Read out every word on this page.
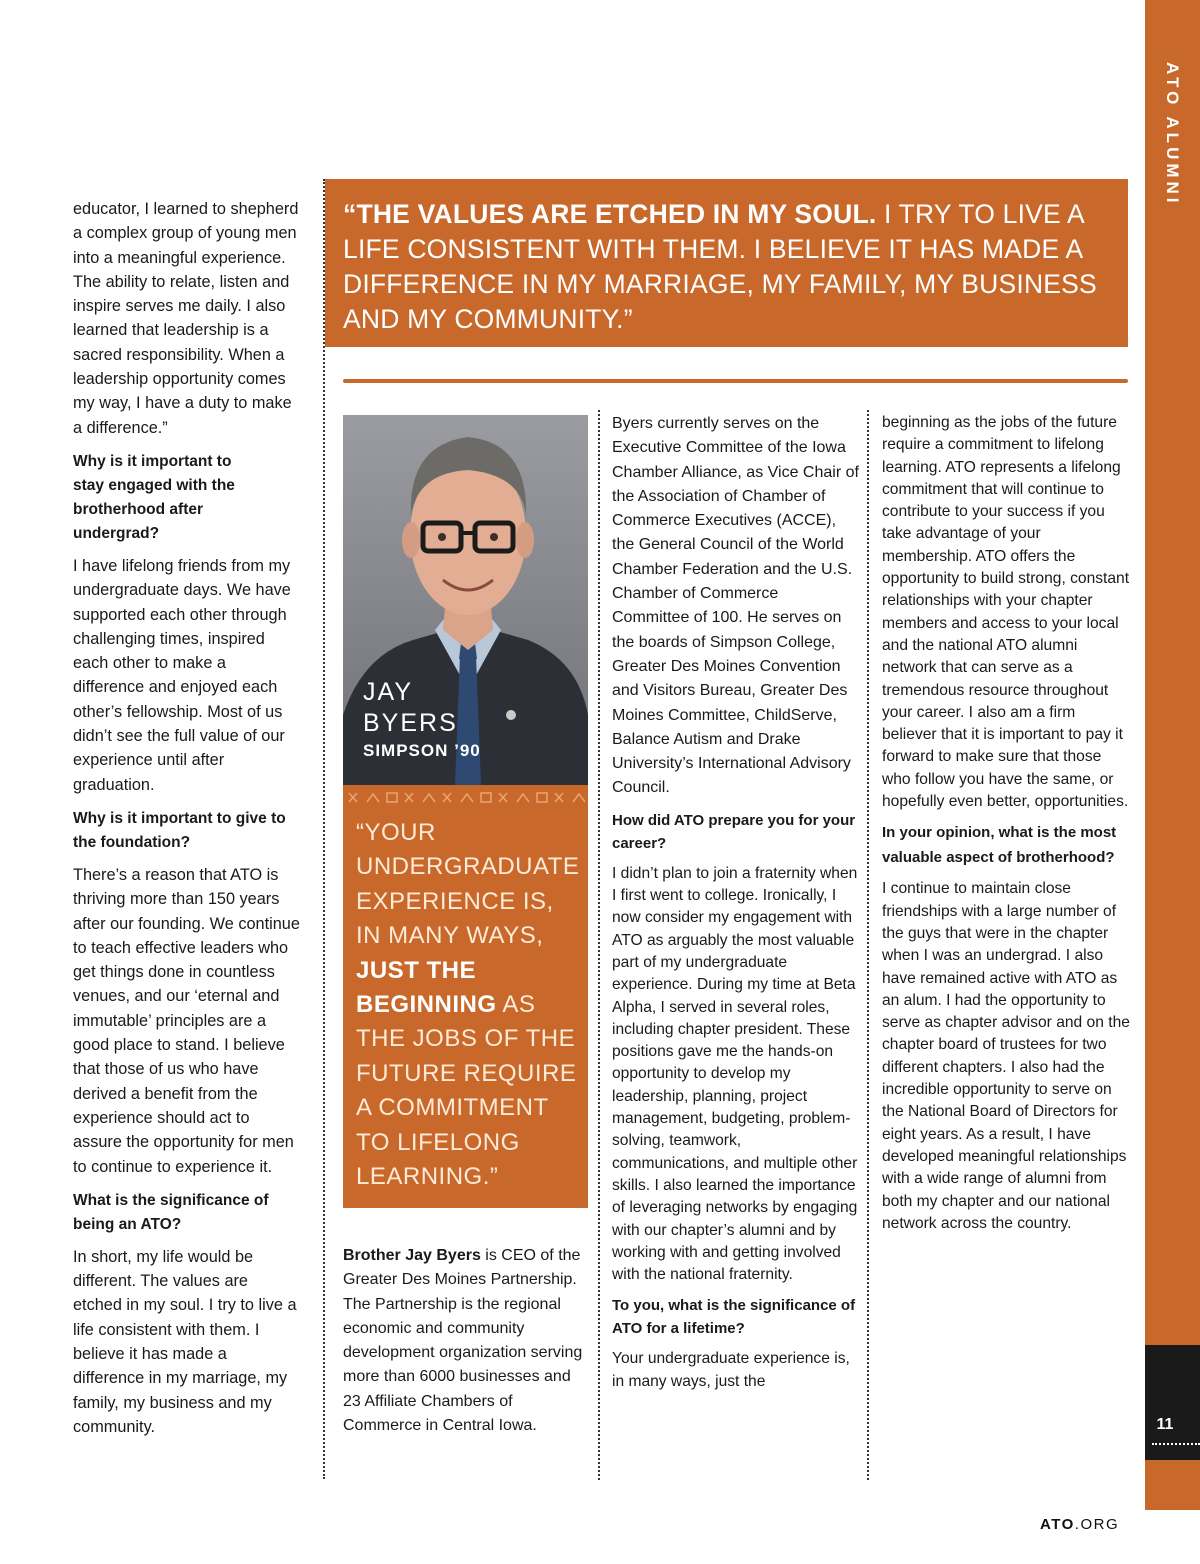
ATO ALUMNI
11

educator, I learned to shepherd a complex group of young men into a meaningful experience. The ability to relate, listen and inspire serves me daily. I also learned that leadership is a sacred responsibility. When a leadership opportunity comes my way, I have a duty to make a difference.”

Why is it important to stay engaged with the brotherhood after undergrad?

I have lifelong friends from my undergraduate days. We have supported each other through challenging times, inspired each other to make a difference and enjoyed each other’s fellowship. Most of us didn’t see the full value of our experience until after graduation.

Why is it important to give to the foundation?

There’s a reason that ATO is thriving more than 150 years after our founding. We continue to teach effective leaders who get things done in countless venues, and our ‘eternal and immutable’ principles are a good place to stand. I believe that those of us who have derived a benefit from the experience should act to assure the opportunity for men to continue to experience it.

What is the significance of being an ATO?

In short, my life would be different. The values are etched in my soul. I try to live a life consistent with them. I believe it has made a difference in my marriage, my family, my business and my community.

“THE VALUES ARE ETCHED IN MY SOUL. I TRY TO LIVE A LIFE CONSISTENT WITH THEM. I BELIEVE IT HAS MADE A DIFFERENCE IN MY MARRIAGE, MY FAMILY, MY BUSINESS AND MY COMMUNITY.”
JAY
BYERS
SIMPSON ’90
“YOUR UNDERGRADUATE EXPERIENCE IS, IN MANY WAYS, JUST THE BEGINNING AS THE JOBS OF THE FUTURE REQUIRE A COMMITMENT TO LIFELONG LEARNING.”

Brother Jay Byers is CEO of the Greater Des Moines Partnership. The Partnership is the regional economic and community development organization serving more than 6000 businesses and 23 Affiliate Chambers of Commerce in Central Iowa.

Byers currently serves on the Executive Committee of the Iowa Chamber Alliance, as Vice Chair of the Association of Chamber of Commerce Executives (ACCE), the General Council of the World Chamber Federation and the U.S. Chamber of Commerce Committee of 100. He serves on the boards of Simpson College, Greater Des Moines Convention and Visitors Bureau, Greater Des Moines Committee, ChildServe, Balance Autism and Drake University’s International Advisory Council.

How did ATO prepare you for your career?

I didn’t plan to join a fraternity when I first went to college. Ironically, I now consider my engagement with ATO as arguably the most valuable part of my undergraduate experience. During my time at Beta Alpha, I served in several roles, including chapter president. These positions gave me the hands-on opportunity to develop my leadership, planning, project management, budgeting, problem-solving, teamwork, communications, and multiple other skills. I also learned the importance of leveraging networks by engaging with our chapter’s alumni and by working with and getting involved with the national fraternity.

To you, what is the significance of ATO for a lifetime?

Your undergraduate experience is, in many ways, just the

beginning as the jobs of the future require a commitment to lifelong learning. ATO represents a lifelong commitment that will continue to contribute to your success if you take advantage of your membership. ATO offers the opportunity to build strong, constant relationships with your chapter members and access to your local and the national ATO alumni network that can serve as a tremendous resource throughout your career. I also am a firm believer that it is important to pay it forward to make sure that those who follow you have the same, or hopefully even better, opportunities.

In your opinion, what is the most valuable aspect of brotherhood?

I continue to maintain close friendships with a large number of the guys that were in the chapter when I was an undergrad. I also have remained active with ATO as an alum. I had the opportunity to serve as chapter advisor and on the chapter board of trustees for two different chapters. I also had the incredible opportunity to serve on the National Board of Directors for eight years. As a result, I have developed meaningful relationships with a wide range of alumni from both my chapter and our national network across the country.

ATO.ORG
